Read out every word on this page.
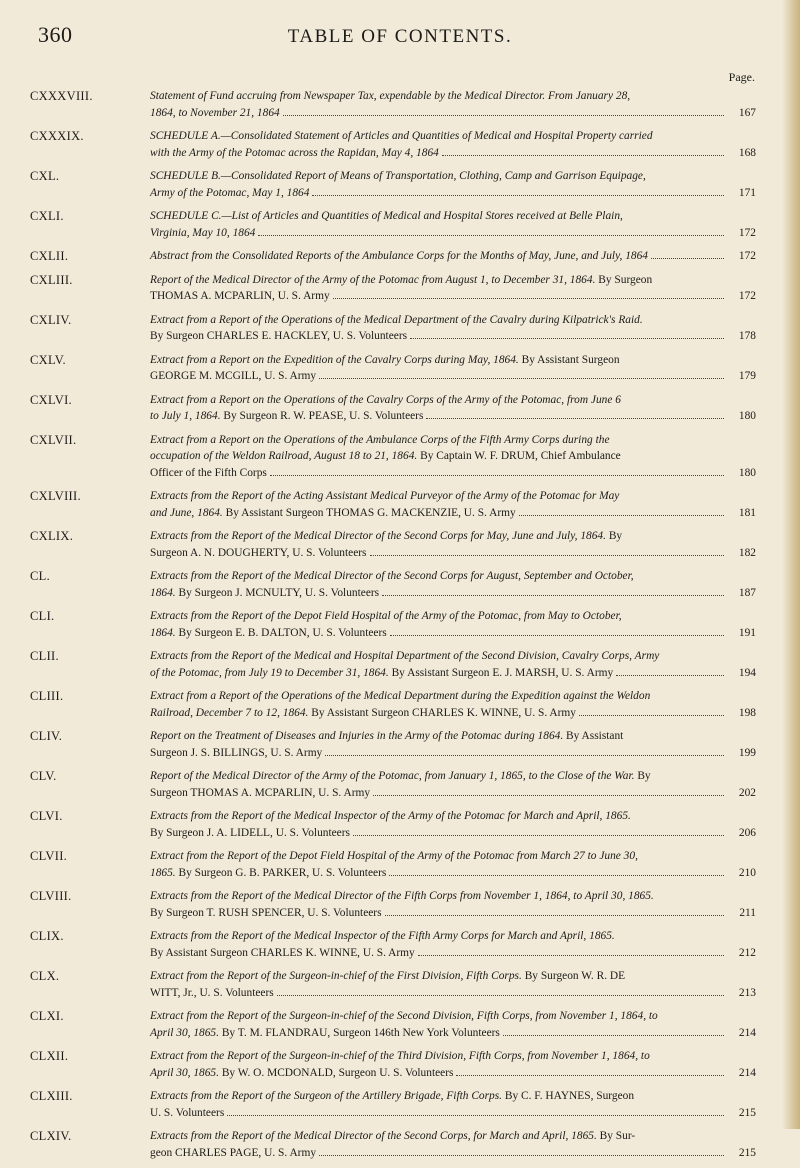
360	TABLE OF CONTENTS.
Page.
CXXXVIII.	Statement of Fund accruing from Newspaper Tax, expendable by the Medical Director. From January 28,
1864, to November 21, 1864	167
CXXXIX.	SCHEDULE A.—Consolidated Statement of Articles and Quantities of Medical and Hospital Property carried
with the Army of the Potomac across the Rapidan, May 4, 1864	168
CXL.	SCHEDULE B.—Consolidated Report of Means of Transportation, Clothing, Camp and Garrison Equipage,
Army of the Potomac, May 1, 1864	171
CXLI.	SCHEDULE C.—List of Articles and Quantities of Medical and Hospital Stores received at Belle Plain,
Virginia, May 10, 1864	172
CXLII.	Abstract from the Consolidated Reports of the Ambulance Corps for the Months of May, June, and July, 1864	172
CXLIII.	Report of the Medical Director of the Army of the Potomac from August 1, to December 31, 1864. By Surgeon
THOMAS A. MCPARLIN, U. S. Army	172
CXLIV.	Extract from a Report of the Operations of the Medical Department of the Cavalry during Kilpatrick's Raid.
By Surgeon CHARLES E. HACKLEY, U. S. Volunteers	178
CXLV.	Extract from a Report on the Expedition of the Cavalry Corps during May, 1864. By Assistant Surgeon
GEORGE M. MCGILL, U. S. Army	179
CXLVI.	Extract from a Report on the Operations of the Cavalry Corps of the Army of the Potomac, from June 6
to July 1, 1864. By Surgeon R. W. PEASE, U. S. Volunteers	180
CXLVII.	Extract from a Report on the Operations of the Ambulance Corps of the Fifth Army Corps during the
occupation of the Weldon Railroad, August 18 to 21, 1864. By Captain W. F. DRUM, Chief Ambulance
Officer of the Fifth Corps	180
CXLVIII.	Extracts from the Report of the Acting Assistant Medical Purveyor of the Army of the Potomac for May
and June, 1864. By Assistant Surgeon THOMAS G. MACKENZIE, U. S. Army	181
CXLIX.	Extracts from the Report of the Medical Director of the Second Corps for May, June and July, 1864. By
Surgeon A. N. DOUGHERTY, U. S. Volunteers	182
CL.	Extracts from the Report of the Medical Director of the Second Corps for August, September and October,
1864. By Surgeon J. MCNULTY, U. S. Volunteers	187
CLI.	Extracts from the Report of the Depot Field Hospital of the Army of the Potomac, from May to October,
1864. By Surgeon E. B. DALTON, U. S. Volunteers	191
CLII.	Extracts from the Report of the Medical and Hospital Department of the Second Division, Cavalry Corps, Army
of the Potomac, from July 19 to December 31, 1864. By Assistant Surgeon E. J. MARSH, U. S. Army	194
CLIII.	Extract from a Report of the Operations of the Medical Department during the Expedition against the Weldon
Railroad, December 7 to 12, 1864. By Assistant Surgeon CHARLES K. WINNE, U. S. Army	198
CLIV.	Report on the Treatment of Diseases and Injuries in the Army of the Potomac during 1864. By Assistant
Surgeon J. S. BILLINGS, U. S. Army	199
CLV.	Report of the Medical Director of the Army of the Potomac, from January 1, 1865, to the Close of the War. By
Surgeon THOMAS A. MCPARLIN, U. S. Army	202
CLVI.	Extracts from the Report of the Medical Inspector of the Army of the Potomac for March and April, 1865.
By Surgeon J. A. LIDELL, U. S. Volunteers	206
CLVII.	Extract from the Report of the Depot Field Hospital of the Army of the Potomac from March 27 to June 30,
1865. By Surgeon G. B. PARKER, U. S. Volunteers	210
CLVIII.	Extracts from the Report of the Medical Director of the Fifth Corps from November 1, 1864, to April 30, 1865.
By Surgeon T. RUSH SPENCER, U. S. Volunteers	211
CLIX.	Extracts from the Report of the Medical Inspector of the Fifth Army Corps for March and April, 1865.
By Assistant Surgeon CHARLES K. WINNE, U. S. Army	212
CLX.	Extract from the Report of the Surgeon-in-chief of the First Division, Fifth Corps. By Surgeon W. R. DE
WITT, Jr., U. S. Volunteers	213
CLXI.	Extract from the Report of the Surgeon-in-chief of the Second Division, Fifth Corps, from November 1, 1864, to
April 30, 1865. By T. M. FLANDRAU, Surgeon 146th New York Volunteers	214
CLXII.	Extract from the Report of the Surgeon-in-chief of the Third Division, Fifth Corps, from November 1, 1864, to
April 30, 1865. By W. O. MCDONALD, Surgeon U. S. Volunteers	214
CLXIII.	Extracts from the Report of the Surgeon of the Artillery Brigade, Fifth Corps. By C. F. HAYNES, Surgeon
U. S. Volunteers	215
CLXIV.	Extracts from the Report of the Medical Director of the Second Corps, for March and April, 1865. By Sur-
geon CHARLES PAGE, U. S. Army	215
